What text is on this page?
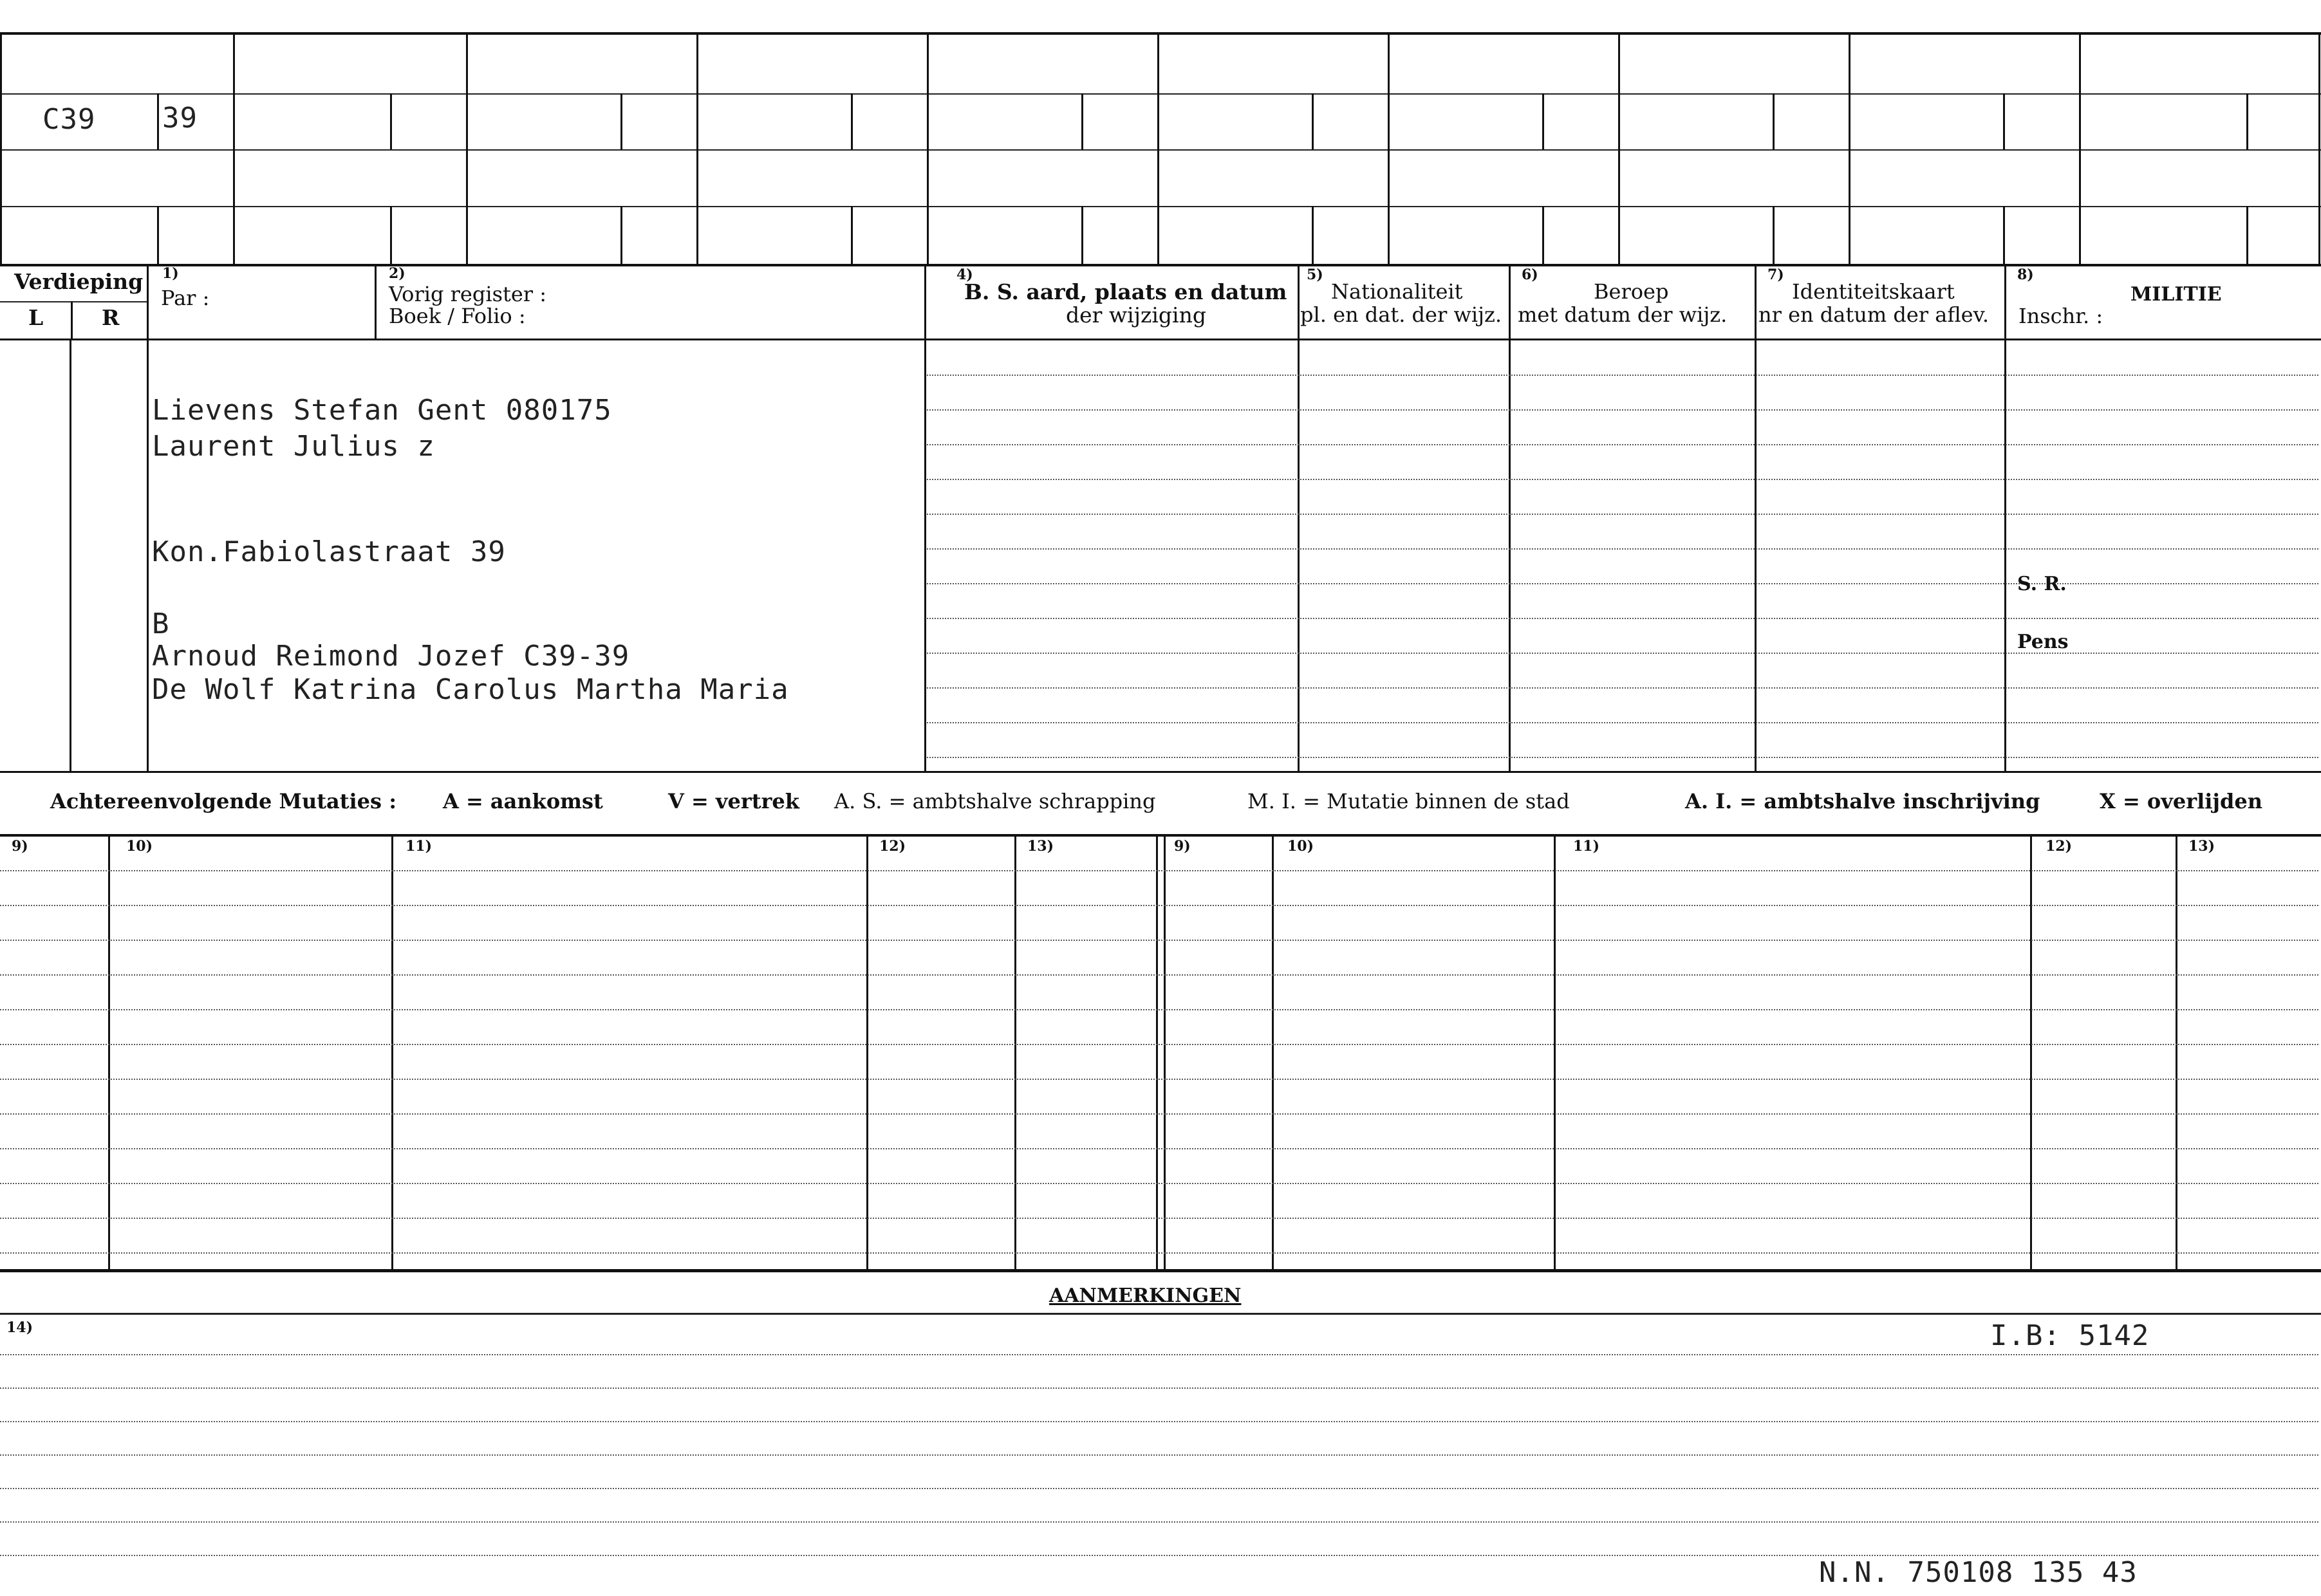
C39 39
Verdieping
L	R
1)
Par :
2)
Vorig register :
Boek / Folio :
4)
B. S. aard, plaats en datum
der wijziging
5)
Nationaliteit
pl. en dat. der wijz.
6)
Beroep
met datum der wijz.
7)
Identiteitskaart
nr en datum der aflev.
8)
MILITIE
Inschr. :
Lievens Stefan Gent 080175
Laurent Julius z
Kon.Fabiolastraat 39
B
Arnoud Reimond Jozef C39-39
De Wolf Katrina Carolus Martha Maria
S. R.
Pens
Achtereenvolgende Mutaties : A = aankomst	V = vertrek A. S. = ambtshalve schrapping	M. I. = Mutatie binnen de stad	A. I. = ambtshalve inschrijving	X = overlijden
9)	10)	11)	12)	13)	9)	10)	11)	12)	13)
AANMERKINGEN
14)	I.B: 5142
N.N. 750108 135 43
